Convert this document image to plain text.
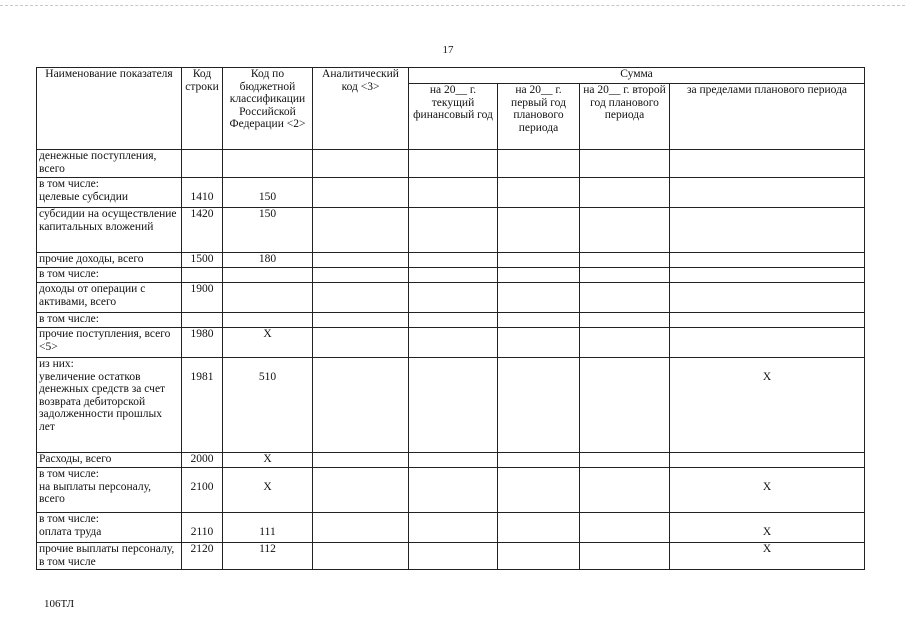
17
Наименование показателя	Код строки	Код по бюджетной классификации Российской Федерации <2>	Аналитический код <3>	Сумма			
				на 20__ г. текущий финансовый год	на 20__ г. первый год планового периода	на 20__ г. второй год планового периода	за пределами планового периода

денежные поступления, всего							

в том числе:
целевые субсидии	1410	150					

субсидии на осуществление капитальных вложений	1420	150					

прочие доходы, всего	1500	180					

в том числе:							

доходы от операции с активами, всего	1900						

в том числе:							

прочие поступления, всего <5>	1980	Х					

из них:
увеличение остатков денежных средств за счет возврата дебиторской задолженности прошлых лет	1981	510					Х

Расходы, всего	2000	Х					

в том числе:
на выплаты персоналу, всего	2100	Х					Х

в том числе:
оплата труда	2110	111					Х

прочие выплаты персоналу, в том числе	2120	112					Х
106ТЛ
